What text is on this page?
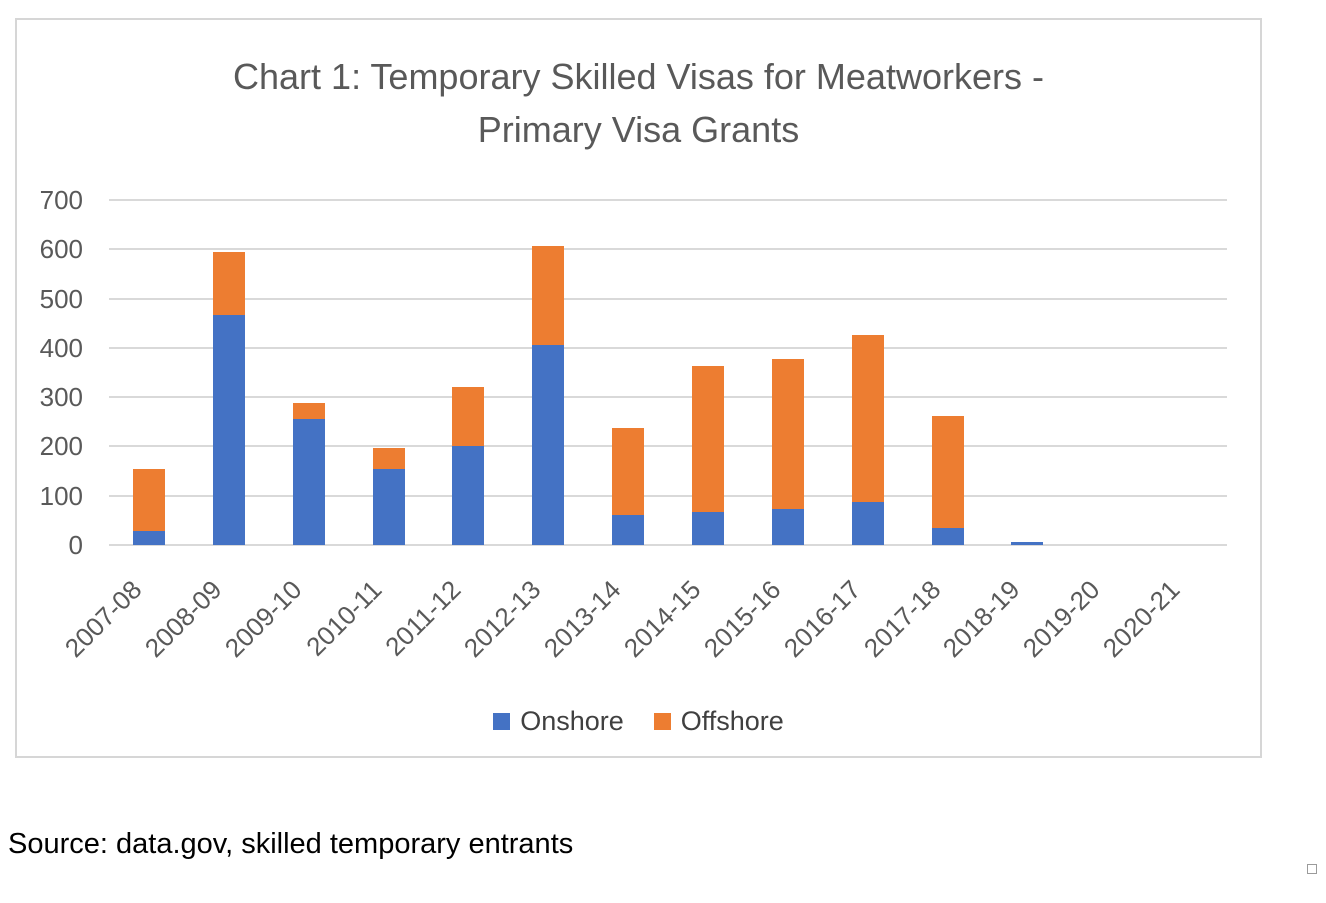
Chart 1: Temporary Skilled Visas for Meatworkers -
Primary Visa Grants
0
100
200
300
400
500
600
700
2007-08
2008-09
2009-10
2010-11
2011-12
2012-13
2013-14
2014-15
2015-16
2016-17
2017-18
2018-19
2019-20
2020-21
Onshore Offshore
Source: data.gov, skilled temporary entrants
